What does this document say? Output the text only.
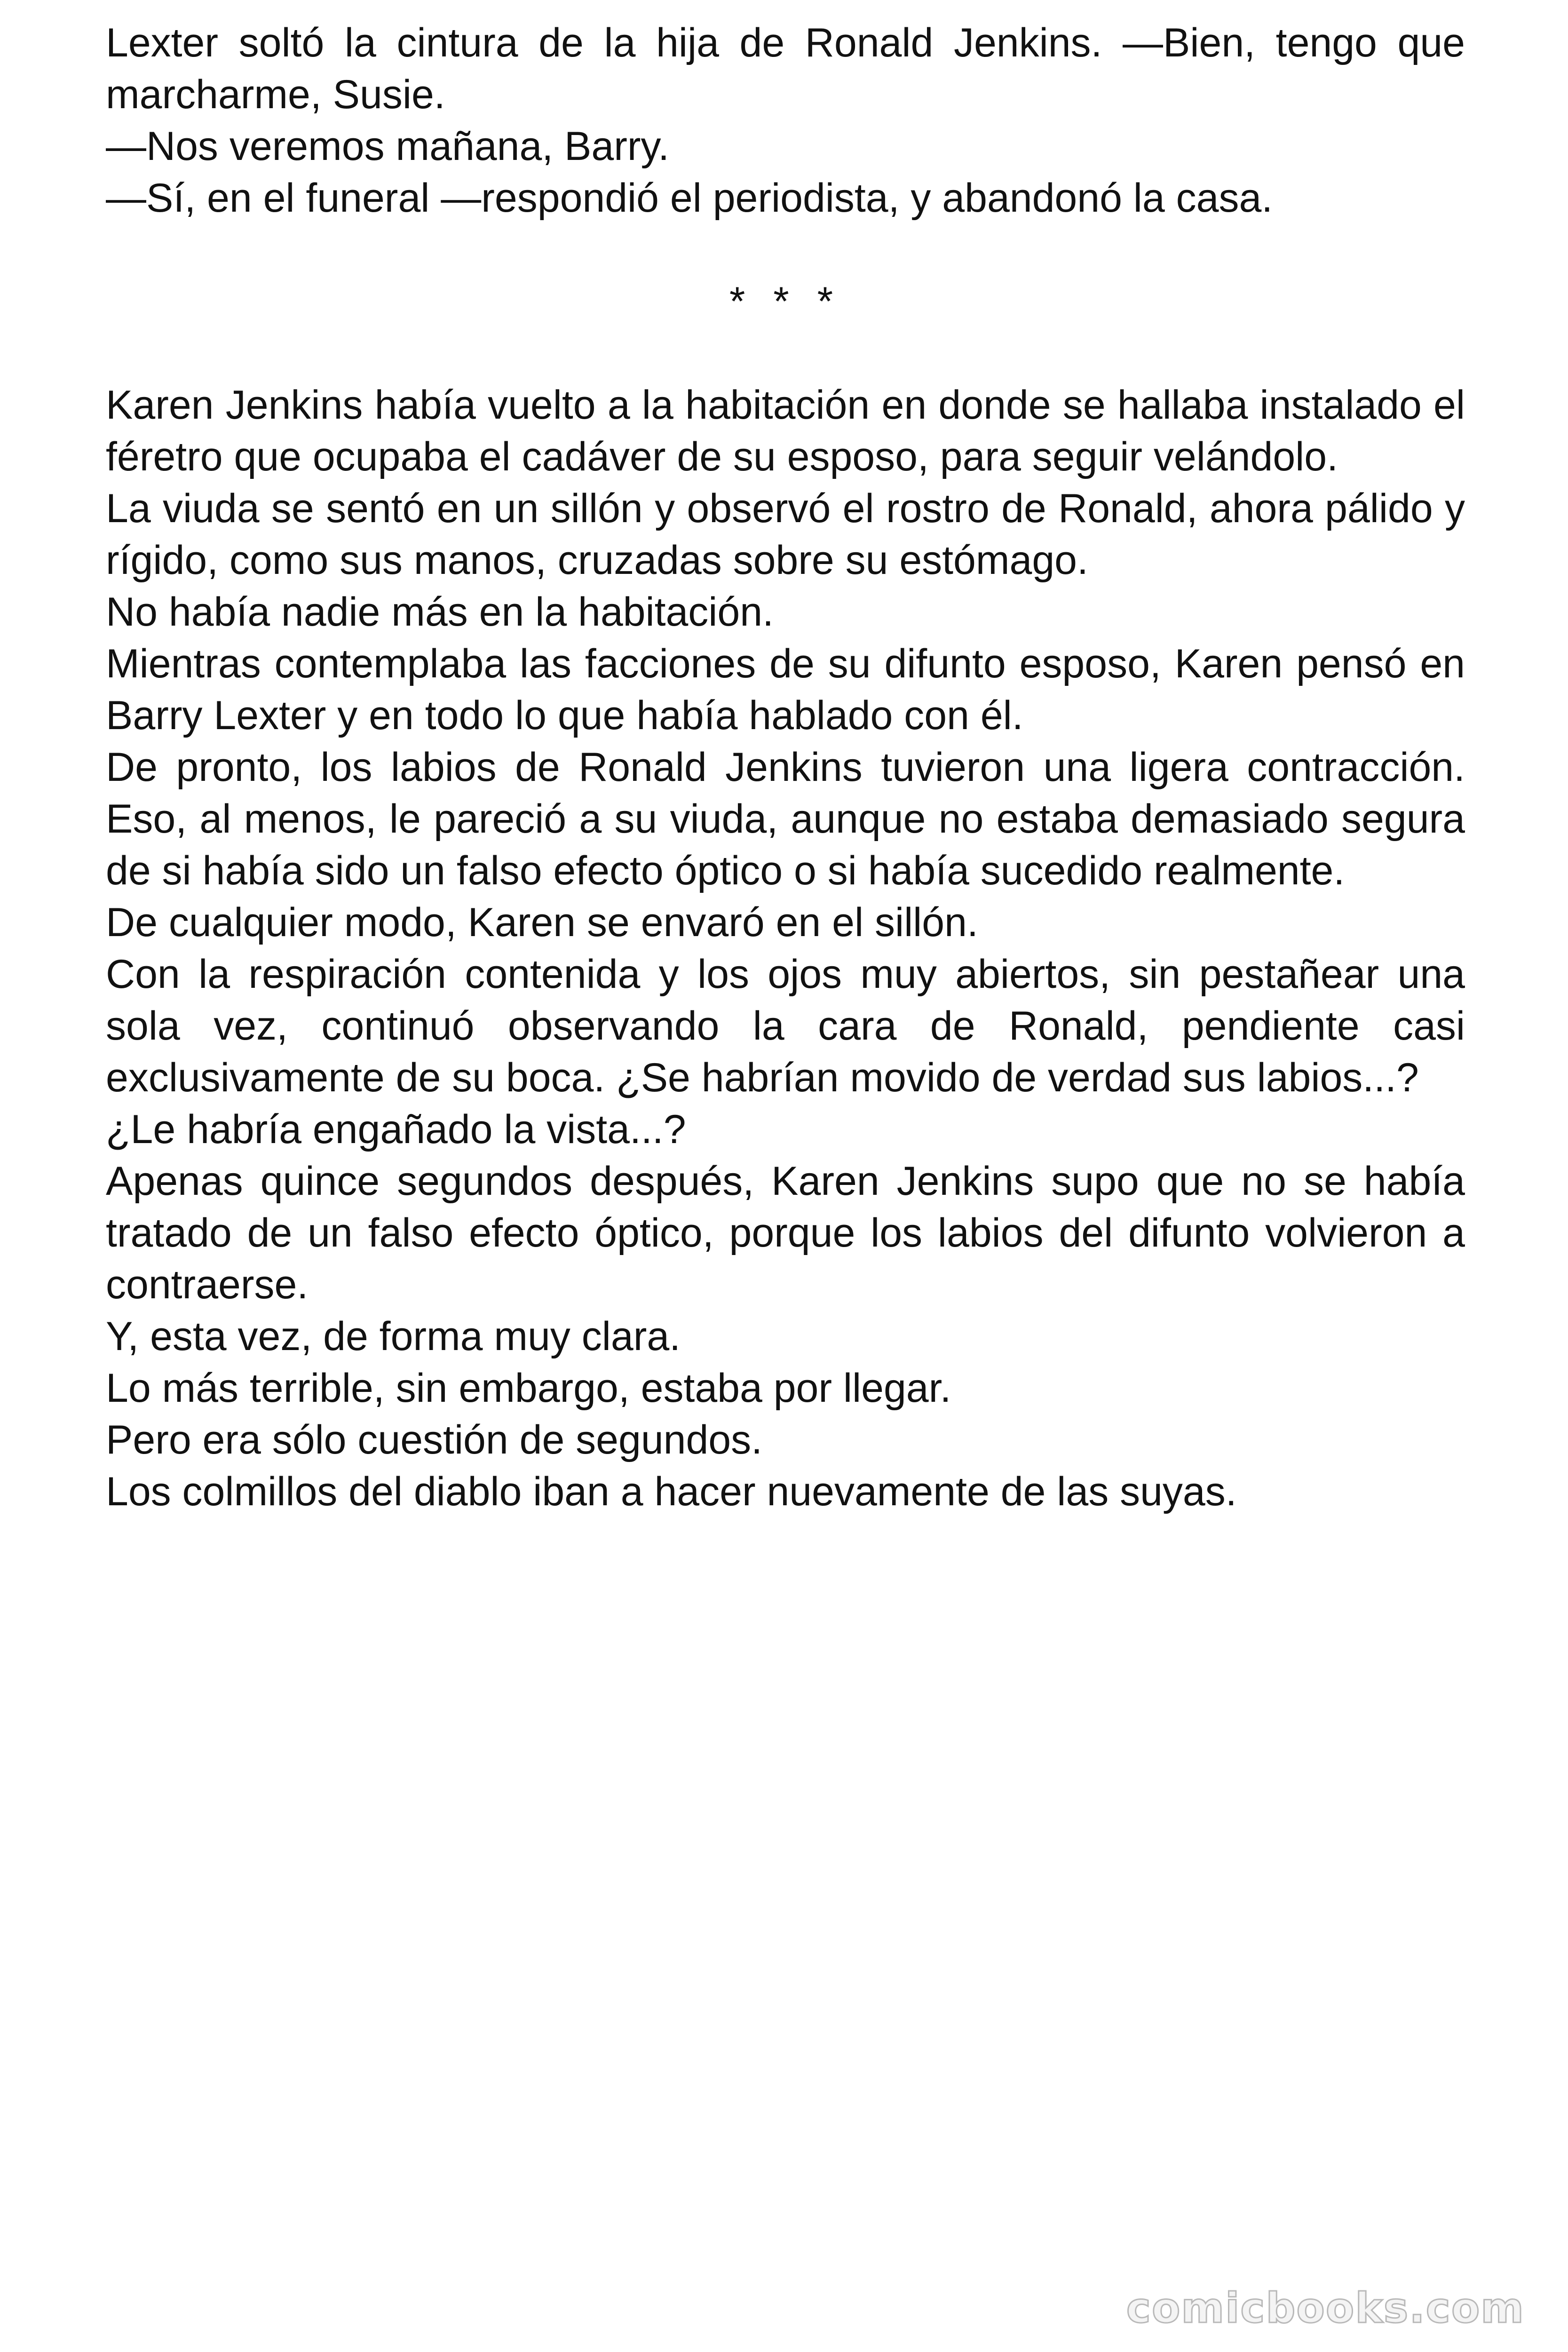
Lexter soltó la cintura de la hija de Ronald Jenkins. —Bien, tengo que marcharme, Susie.

—Nos veremos mañana, Barry.

—Sí, en el funeral —respondió el periodista, y abandonó la casa.

* * *

Karen Jenkins había vuelto a la habitación en donde se hallaba instalado el féretro que ocupaba el cadáver de su esposo, para seguir velándolo.

La viuda se sentó en un sillón y observó el rostro de Ronald, ahora pálido y rígido, como sus manos, cruzadas sobre su estómago.

No había nadie más en la habitación.

Mientras contemplaba las facciones de su difunto esposo, Karen pensó en Barry Lexter y en todo lo que había hablado con él.

De pronto, los labios de Ronald Jenkins tuvieron una ligera contracción. Eso, al menos, le pareció a su viuda, aunque no estaba demasiado segura de si había sido un falso efecto óptico o si había sucedido realmente.

De cualquier modo, Karen se envaró en el sillón.

Con la respiración contenida y los ojos muy abiertos, sin pestañear una sola vez, continuó observando la cara de Ronald, pendiente casi exclusivamente de su boca. ¿Se habrían movido de verdad sus labios...?

¿Le habría engañado la vista...?

Apenas quince segundos después, Karen Jenkins supo que no se había tratado de un falso efecto óptico, porque los labios del difunto volvieron a contraerse.

Y, esta vez, de forma muy clara.

Lo más terrible, sin embargo, estaba por llegar.

Pero era sólo cuestión de segundos.

Los colmillos del diablo iban a hacer nuevamente de las suyas.

comicbooks.com
